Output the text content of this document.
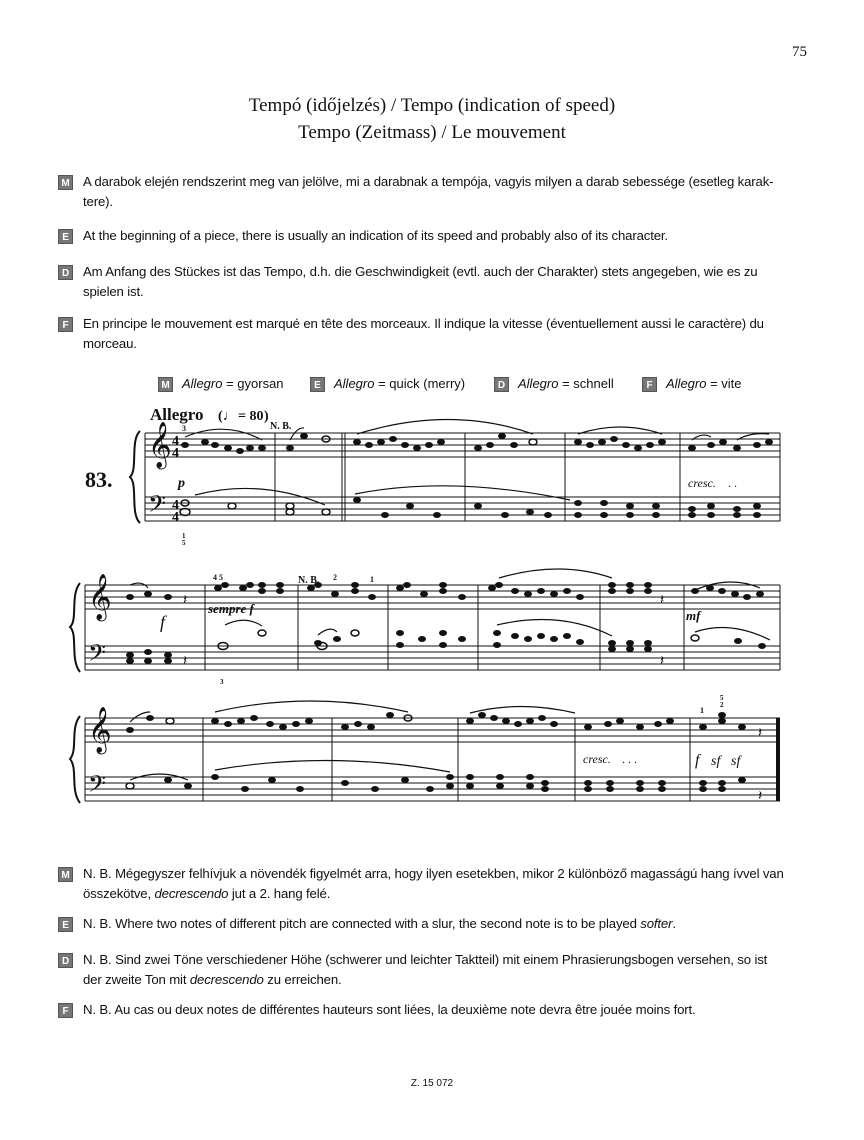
75
Tempó (időjelzés) / Tempo (indication of speed)
Tempo (Zeitmass) / Le mouvement
M A darabok elején rendszerint meg van jelölve, mi a darabnak a tempója, vagyis milyen a darab sebessége (esetleg karak-tere).
E	At the beginning of a piece, there is usually an indication of its speed and probably also of its character.
D	Am Anfang des Stückes ist das Tempo, d.h. die Geschwindigkeit (evtl. auch der Charakter) stets angegeben, wie es zu spielen ist.
F	En principe le mouvement est marqué en tête des morceaux. Il indique la vitesse (éventuellement aussi le caractère) du morceau.
M Allegro = gyorsan	E	Allegro = quick (merry)	D Allegro = schnell	F	Allegro = vite
𝄞
𝄢
𝄞
𝄢
𝄞
𝄢
4
4
4
4
Allegro (♩ = 80 )
N. B.
N. B.
83.	p	cresc. . .
f
sempre f	mf
cresc. . . .	f sf sf
3
1
5
4 5	2	1
3
1
5
2
𝄽
𝄽
𝄽
𝄽
𝄽
𝄽
M N. B. Mégegyszer felhívjuk a növendék figyelmét arra, hogy ilyen esetekben, mikor 2 különböző magasságú hang ívvel van összekötve, decrescendo jut a 2. hang felé.
E	N. B. Where two notes of different pitch are connected with a slur, the second note is to be played softer.
D	N. B. Sind zwei Töne verschiedener Höhe (schwerer und leichter Taktteil) mit einem Phrasierungsbogen versehen, so ist der zweite Ton mit decrescendo zu erreichen.
F	N. B. Au cas ou deux notes de différentes hauteurs sont liées, la deuxième note devra être jouée moins fort.
Z. 15 072
